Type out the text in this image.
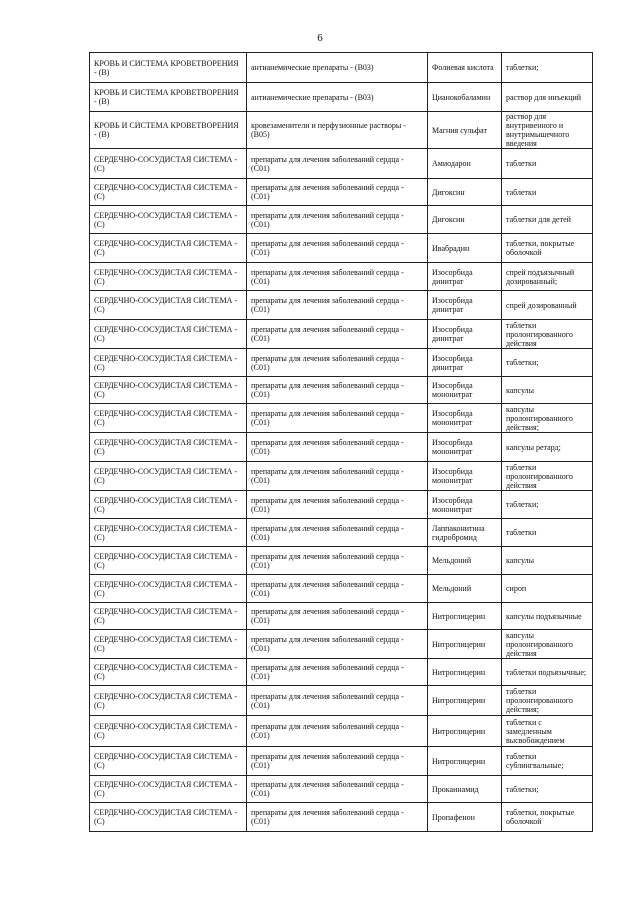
6
КРОВЬ И СИСТЕМА КРОВЕТВОРЕНИЯ - (B)	антианемические препараты - (B03)	Фолиевая кислота	таблетки;
КРОВЬ И СИСТЕМА КРОВЕТВОРЕНИЯ - (B)	антианемические препараты - (B03)	Цианокобаламин	раствор для инъекций
КРОВЬ И СИСТЕМА КРОВЕТВОРЕНИЯ - (B)	кровезаменители и перфузионные растворы - (B05)	Магния сульфат	раствор для внутривенного и внутримышечного введения
СЕРДЕЧНО-СОСУДИСТАЯ СИСТЕМА - (С)	препараты для лечения заболеваний сердца - (C01)	Амиодарон	таблетки
СЕРДЕЧНО-СОСУДИСТАЯ СИСТЕМА - (С)	препараты для лечения заболеваний сердца - (C01)	Дигоксин	таблетки
СЕРДЕЧНО-СОСУДИСТАЯ СИСТЕМА - (С)	препараты для лечения заболеваний сердца - (C01)	Дигоксин	таблетки для детей
СЕРДЕЧНО-СОСУДИСТАЯ СИСТЕМА - (С)	препараты для лечения заболеваний сердца - (C01)	Ивабрадин	таблетки, покрытые оболочкой
СЕРДЕЧНО-СОСУДИСТАЯ СИСТЕМА - (С)	препараты для лечения заболеваний сердца - (C01)	Изосорбида динитрат	спрей подъязычный дозированный;
СЕРДЕЧНО-СОСУДИСТАЯ СИСТЕМА - (С)	препараты для лечения заболеваний сердца - (C01)	Изосорбида динитрат	спрей дозированный
СЕРДЕЧНО-СОСУДИСТАЯ СИСТЕМА - (С)	препараты для лечения заболеваний сердца - (C01)	Изосорбида динитрат	таблетки пролонгированного действия
СЕРДЕЧНО-СОСУДИСТАЯ СИСТЕМА - (С)	препараты для лечения заболеваний сердца - (C01)	Изосорбида динитрат	таблетки;
СЕРДЕЧНО-СОСУДИСТАЯ СИСТЕМА - (С)	препараты для лечения заболеваний сердца - (C01)	Изосорбида мононитрат	капсулы
СЕРДЕЧНО-СОСУДИСТАЯ СИСТЕМА - (С)	препараты для лечения заболеваний сердца - (C01)	Изосорбида мононитрат	капсулы пролонгированного действия;
СЕРДЕЧНО-СОСУДИСТАЯ СИСТЕМА - (С)	препараты для лечения заболеваний сердца - (C01)	Изосорбида мононитрат	капсулы ретард;
СЕРДЕЧНО-СОСУДИСТАЯ СИСТЕМА - (С)	препараты для лечения заболеваний сердца - (C01)	Изосорбида мононитрат	таблетки пролонгированного действия
СЕРДЕЧНО-СОСУДИСТАЯ СИСТЕМА - (С)	препараты для лечения заболеваний сердца - (C01)	Изосорбида мононитрат	таблетки;
СЕРДЕЧНО-СОСУДИСТАЯ СИСТЕМА - (С)	препараты для лечения заболеваний сердца - (C01)	Лаппаконитина гидробромид	таблетки
СЕРДЕЧНО-СОСУДИСТАЯ СИСТЕМА - (С)	препараты для лечения заболеваний сердца - (C01)	Мельдоний	капсулы
СЕРДЕЧНО-СОСУДИСТАЯ СИСТЕМА - (С)	препараты для лечения заболеваний сердца - (C01)	Мельдоний	сироп
СЕРДЕЧНО-СОСУДИСТАЯ СИСТЕМА - (С)	препараты для лечения заболеваний сердца - (C01)	Нитроглицерин	капсулы подъязычные
СЕРДЕЧНО-СОСУДИСТАЯ СИСТЕМА - (С)	препараты для лечения заболеваний сердца - (C01)	Нитроглицерин	капсулы пролонгированного действия
СЕРДЕЧНО-СОСУДИСТАЯ СИСТЕМА - (С)	препараты для лечения заболеваний сердца - (C01)	Нитроглицерин	таблетки подъязычные;
СЕРДЕЧНО-СОСУДИСТАЯ СИСТЕМА - (С)	препараты для лечения заболеваний сердца - (C01)	Нитроглицерин	таблетки пролонгированного действия;
СЕРДЕЧНО-СОСУДИСТАЯ СИСТЕМА - (С)	препараты для лечения заболеваний сердца - (C01)	Нитроглицерин	таблетки с замедленным высвобождением
СЕРДЕЧНО-СОСУДИСТАЯ СИСТЕМА - (С)	препараты для лечения заболеваний сердца - (C01)	Нитроглицерин	таблетки сублингвальные;
СЕРДЕЧНО-СОСУДИСТАЯ СИСТЕМА - (С)	препараты для лечения заболеваний сердца - (C01)	Прокаинамид	таблетки;
СЕРДЕЧНО-СОСУДИСТАЯ СИСТЕМА - (С)	препараты для лечения заболеваний сердца - (C01)	Пропафенон	таблетки, покрытые оболочкой
